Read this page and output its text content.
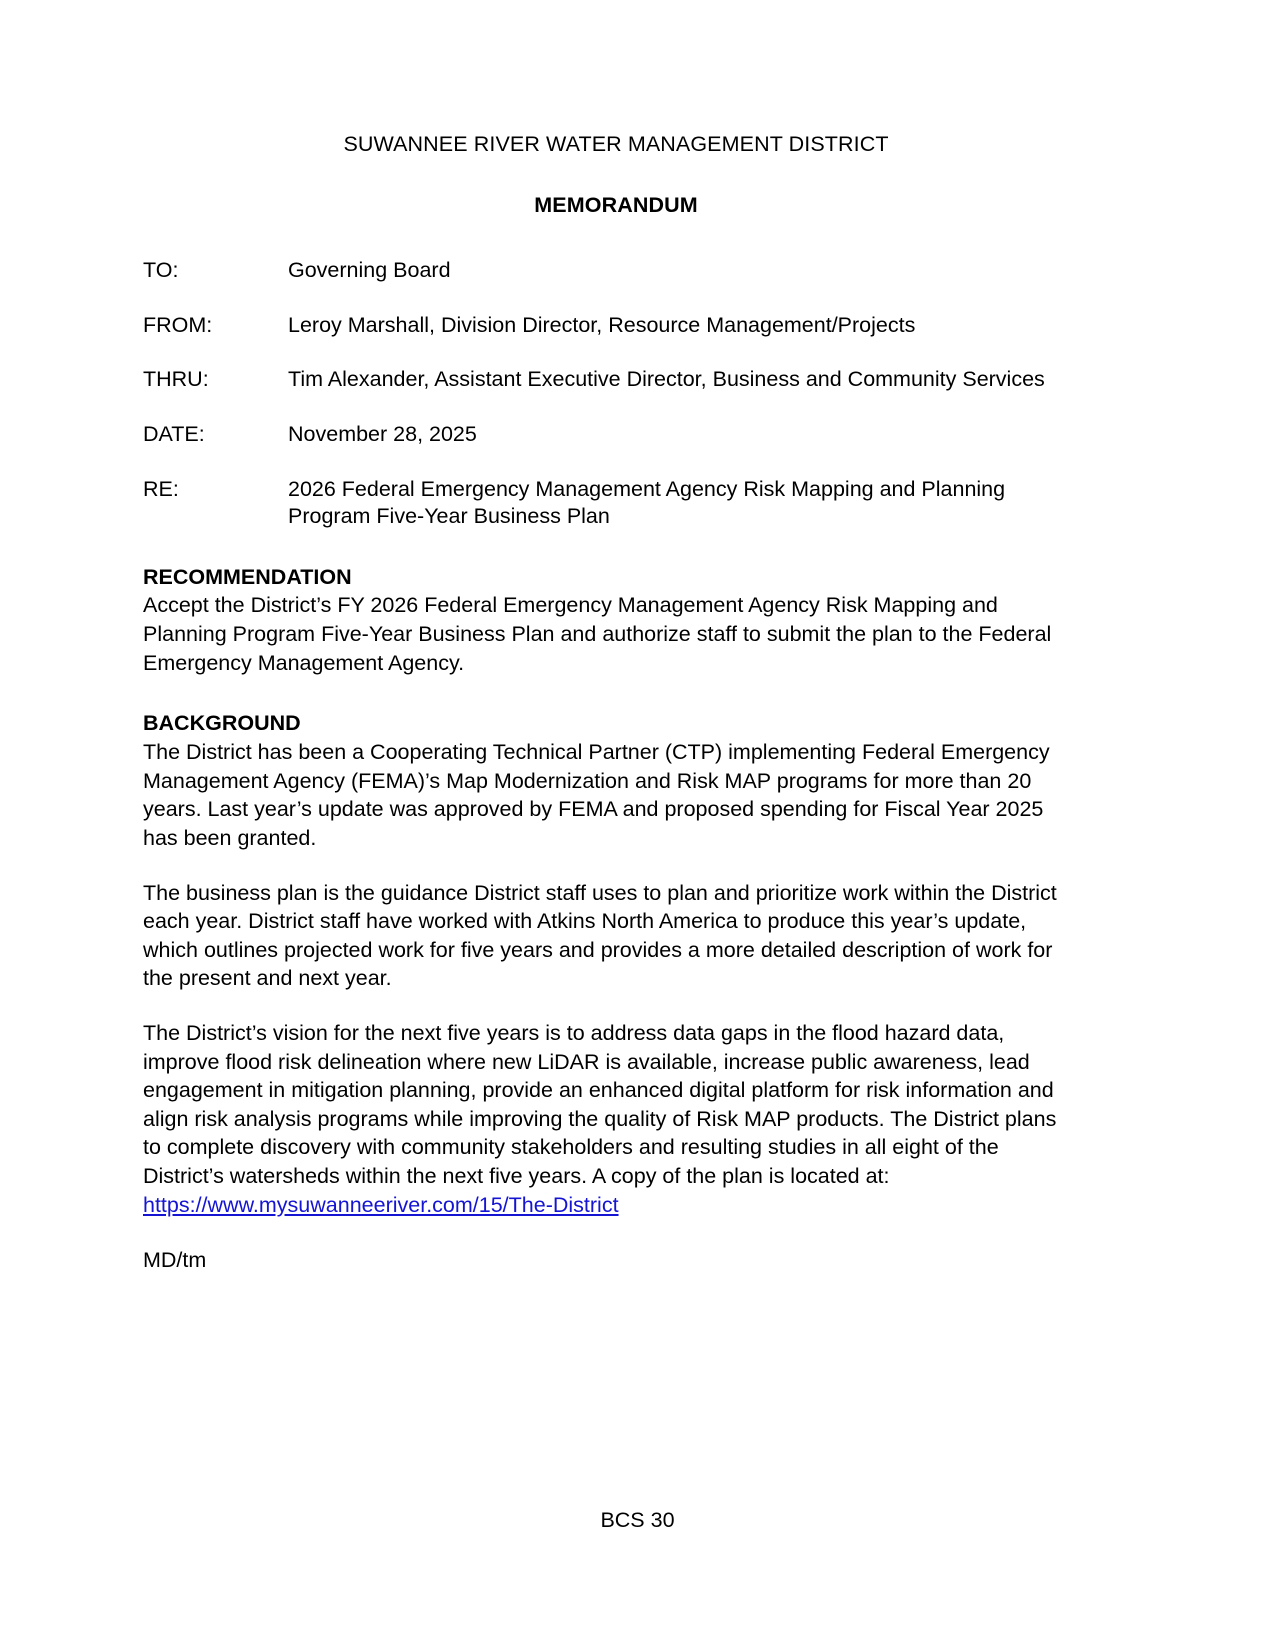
SUWANNEE RIVER WATER MANAGEMENT DISTRICT
MEMORANDUM
TO:	Governing Board
FROM:	Leroy Marshall, Division Director, Resource Management/Projects
THRU:	Tim Alexander, Assistant Executive Director, Business and Community Services
DATE:	November 28, 2025
RE:	2026 Federal Emergency Management Agency Risk Mapping and Planning Program Five-Year Business Plan
RECOMMENDATION

Accept the District’s FY 2026 Federal Emergency Management Agency Risk Mapping and Planning Program Five-Year Business Plan and authorize staff to submit the plan to the Federal Emergency Management Agency.

BACKGROUND

The District has been a Cooperating Technical Partner (CTP) implementing Federal Emergency Management Agency (FEMA)’s Map Modernization and Risk MAP programs for more than 20 years. Last year’s update was approved by FEMA and proposed spending for Fiscal Year 2025 has been granted.

The business plan is the guidance District staff uses to plan and prioritize work within the District each year. District staff have worked with Atkins North America to produce this year’s update, which outlines projected work for five years and provides a more detailed description of work for the present and next year.

The District’s vision for the next five years is to address data gaps in the flood hazard data, improve flood risk delineation where new LiDAR is available, increase public awareness, lead engagement in mitigation planning, provide an enhanced digital platform for risk information and align risk analysis programs while improving the quality of Risk MAP products. The District plans to complete discovery with community stakeholders and resulting studies in all eight of the District’s watersheds within the next five years. A copy of the plan is located at:
https://www.mysuwanneeriver.com/15/The-District

MD/tm
BCS 30
